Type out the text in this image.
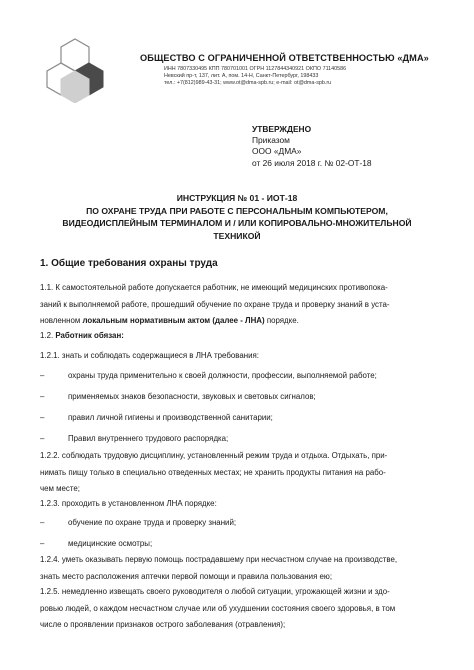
ОБЩЕСТВО С ОГРАНИЧЕННОЙ ОТВЕТСТВЕННОСТЬЮ «ДМА»
ИНН 7807330495 КПП 780701001 ОГРН 1127844340921 ОКПО 71140586
Невский пр-т, 137, лит. А, пом. 14-Н, Санкт-Петербург, 198433
тел.: +7(812)989-43-31; www.ot@dma-spb.ru; e-mail: ot@dma-spb.ru
УТВЕРЖДЕНО
Приказом
ООО «ДМА»
от 26 июля 2018 г. № 02-ОТ-18
ИНСТРУКЦИЯ № 01 - ИОТ-18
ПО ОХРАНЕ ТРУДА ПРИ РАБОТЕ С ПЕРСОНАЛЬНЫМ КОМПЬЮТЕРОМ,
ВИДЕОДИСПЛЕЙНЫМ ТЕРМИНАЛОМ И / ИЛИ КОПИРОВАЛЬНО-МНОЖИТЕЛЬНОЙ
ТЕХНИКОЙ
1. Общие требования охраны труда
1.1. К самостоятельной работе допускается работник, не имеющий медицинских противопока-
заний к выполняемой работе, прошедший обучение по охране труда и проверку знаний в уста-
новленном локальным нормативным актом (далее - ЛНА) порядке.
1.2. Работник обязан:
1.2.1. знать и соблюдать содержащиеся в ЛНА требования:
–	охраны труда применительно к своей должности, профессии, выполняемой работе;
–	применяемых знаков безопасности, звуковых и световых сигналов;
–	правил личной гигиены и производственной санитарии;
–	Правил внутреннего трудового распорядка;
1.2.2. соблюдать трудовую дисциплину, установленный режим труда и отдыха. Отдыхать, при-
нимать пищу только в специально отведенных местах; не хранить продукты питания на рабо-
чем месте;
1.2.3. проходить в установленном ЛНА порядке:
–	обучение по охране труда и проверку знаний;
–	медицинские осмотры;
1.2.4. уметь оказывать первую помощь пострадавшему при несчастном случае на производстве,
знать место расположения аптечки первой помощи и правила пользования ею;
1.2.5. немедленно извещать своего руководителя о любой ситуации, угрожающей жизни и здо-
ровью людей, о каждом несчастном случае или об ухудшении состояния своего здоровья, в том
числе о проявлении признаков острого заболевания (отравления);
